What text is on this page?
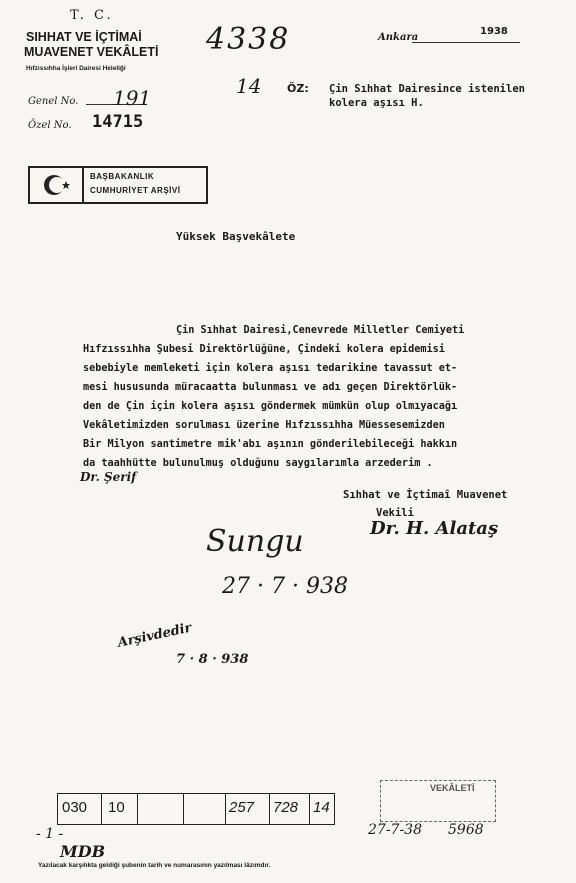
T. C.
SIHHAT VE İÇTİMAİ
MUAVENET VEKÂLETİ
Hıfzıssıhha İşleri Dairesi Heleliği
Genel No. 191
Özel No. 14715
4338	Ankara
1938
14 ÖZ: Çin Sıhhat Dairesince istenilen
kolera aşısı H.
BAŞBAKANLIK
CUMHURİYET ARŞİVİ
Yüksek Başvekâlete
Çin Sıhhat Dairesi,Cenevrede Milletler Cemiyeti
Hıfzıssıhha Şubesi Direktörlüğüne, Çindeki kolera epidemisi
sebebiyle memleketi için kolera aşısı tedarikine tavassut et-
mesi hususunda müracaatta bulunması ve adı geçen Direktörlük-
den de Çin için kolera aşısı göndermek mümkün olup olmıyacağı
Vekâletimizden sorulması üzerine Hıfzıssıhha Müessesemizden
Bir Milyon santimetre mik'abı aşının gönderilebileceği hakkın
da taahhütte bulunulmuş olduğunu saygılarımla arzederim .
Dr. Şerif
Sıhhat ve İçtimaî Muavenet
Vekili
Dr. H. Alataş
Sungu
27 · 7 · 938
Arşivdedir
7 · 8 · 938
VEKÂLETİ
030 10	257 728 14
- 1 -
MDB
27-7-38 5968
Yazılacak karşılıkta geldiği şubenin tarih ve numarasının yazılması lâzımdır.
